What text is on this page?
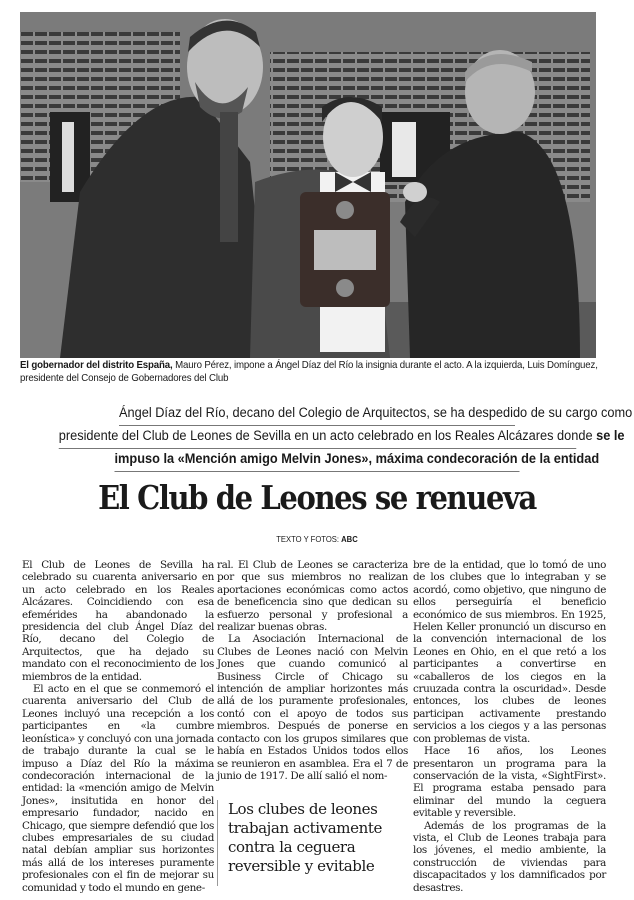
El gobernador del distrito España, Mauro Pérez, impone a Ángel Díaz del Río la insignia durante el acto. A la izquierda, Luis Domínguez, presidente del Consejo de Gobernadores del Club
Ángel Díaz del Río, decano del Colegio de Arquitectos, se ha despedido de su cargo como
presidente del Club de Leones de Sevilla en un acto celebrado en los Reales Alcázares donde se le
impuso la «Mención amigo Melvin Jones», máxima condecoración de la entidad
El Club de Leones se renueva
TEXTO Y FOTOS: ABC

El Club de Leones de Sevilla ha celebrado su cuarenta aniversario en un acto celebrado en los Reales Alcázares. Coincidiendo con esa efemérides ha abandonado la presidencia del club Ángel Díaz del Río, decano del Colegio de Arquitectos, que ha dejado su mandato con el reconocimiento de los miembros de la entidad.

El acto en el que se conmemoró el cuarenta aniversario del Club de Leones incluyó una recepción a los participantes en «la cumbre leonística» y concluyó con una jornada de trabajo durante la cual se le impuso a Díaz del Río la máxima condecoración internacional de la entidad: la «mención amigo de Melvin Jones», insitutida en honor del empresario fundador, nacido en Chicago, que siempre defendió que los clubes empresariales de su ciudad natal debían ampliar sus horizontes más allá de los intereses puramente profesionales con el fin de mejorar su comunidad y todo el mundo en gene-

ral. El Club de Leones se caracteriza por que sus miembros no realizan aportaciones económicas como actos de beneficencia sino que dedican su esfuerzo personal y profesional a realizar buenas obras.

La Asociación Internacional de Clubes de Leones nació con Melvin Jones que cuando comunicó al Business Circle of Chicago su intención de ampliar horizontes más allá de los puramente profesionales, contó con el apoyo de todos sus miembros. Después de ponerse en contacto con los grupos similares que había en Estados Unidos todos ellos se reunieron en asamblea. Era el 7 de junio de 1917. De allí salió el nom-

Los clubes de leones trabajan activamente contra la ceguera reversible y evitable

bre de la entidad, que lo tomó de uno de los clubes que lo integraban y se acordó, como objetivo, que ninguno de ellos perseguiría el beneficio económico de sus miembros. En 1925, Helen Keller pronunció un discurso en la convención internacional de los Leones en Ohio, en el que retó a los participantes a convertirse en «caballeros de los ciegos en la cruuzada contra la oscuridad». Desde entonces, los clubes de leones participan activamente prestando servicios a los ciegos y a las personas con problemas de vista.

Hace 16 años, los Leones presentaron un programa para la conservación de la vista, «SightFirst». El programa estaba pensado para eliminar del mundo la ceguera evitable y reversible.

Además de los programas de la vista, el Club de Leones trabaja para los jóvenes, el medio ambiente, la construcción de viviendas para discapacitados y los damnificados por desastres.
